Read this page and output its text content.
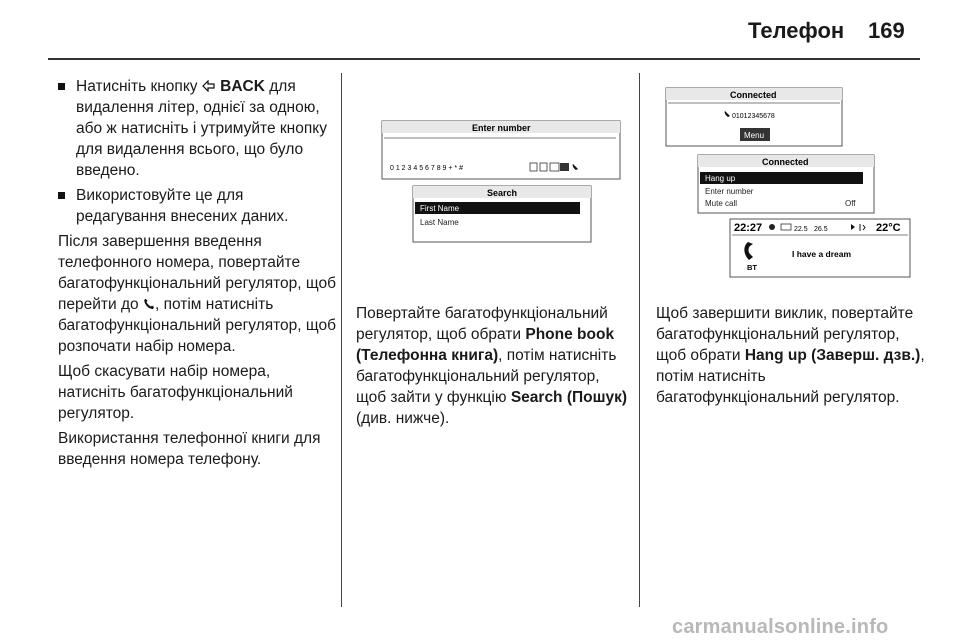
Телефон 169
Натисніть кнопку BACK для видалення літер, однієї за одною, або ж натисніть і утримуйте кнопку для видалення всього, що було введено.
Використовуйте це для редагування внесених даних.

Після завершення введення телефонного номера, повертайте багатофункціональний регулятор, щоб перейти до , потім натисніть багатофункціональний регулятор, щоб розпочати набір номера.

Щоб скасувати набір номера, натисніть багатофункціональний регулятор.

Використання телефонної книги для введення номера телефону.

Enter number
0 1 2 3 4 5 6 7 8 9 + * #
Search
First Name
Last Name

Повертайте багатофункціональний регулятор, щоб обрати Phone book (Телефонна книга), потім натисніть багатофункціональний регулятор, щоб зайти у функцію Search (Пошук) (див. нижче).

Connected
01012345678
Menu
Connected
Hang up
Enter number
Mute call	Off
22:27	22.5 26.5	22°C
I have a dream
BT

Щоб завершити виклик, повертайте багатофункціональний регулятор, щоб обрати Hang up (Заверш. дзв.), потім натисніть багатофункціональний регулятор.

carmanualsonline.info
